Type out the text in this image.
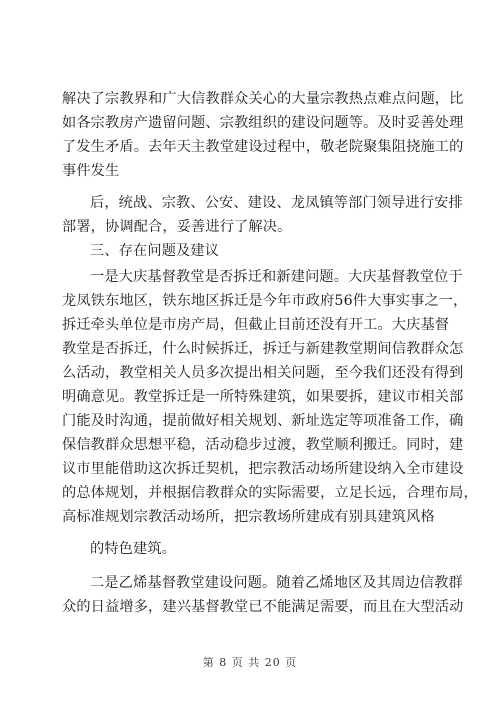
解决了宗教界和广大信教群众关心的大量宗教热点难点问题，比
如各宗教房产遗留问题、宗教组织的建设问题等。及时妥善处理
了发生矛盾。去年天主教堂建设过程中，敬老院聚集阻挠施工的
事件发生
后，统战、宗教、公安、建设、龙凤镇等部门领导进行安排
部署，协调配合，妥善进行了解决。
三、存在问题及建议
一是大庆基督教堂是否拆迁和新建问题。大庆基督教堂位于
龙凤铁东地区，铁东地区拆迁是今年市政府56件大事实事之一，
拆迁牵头单位是市房产局，但截止目前还没有开工。大庆基督
教堂是否拆迁，什么时候拆迁，拆迁与新建教堂期间信教群众怎
么活动，教堂相关人员多次提出相关问题，至今我们还没有得到
明确意见。教堂拆迁是一所特殊建筑，如果要拆，建议市相关部
门能及时沟通，提前做好相关规划、新址选定等项准备工作，确
保信教群众思想平稳，活动稳步过渡，教堂顺利搬迁。同时，建
议市里能借助这次拆迁契机，把宗教活动场所建设纳入全市建设
的总体规划，并根据信教群众的实际需要，立足长远，合理布局，
高标准规划宗教活动场所，把宗教场所建成有别具建筑风格
的特色建筑。
二是乙烯基督教堂建设问题。随着乙烯地区及其周边信教群
众的日益增多，建兴基督教堂已不能满足需要，而且在大型活动
第 8 页 共 20 页
